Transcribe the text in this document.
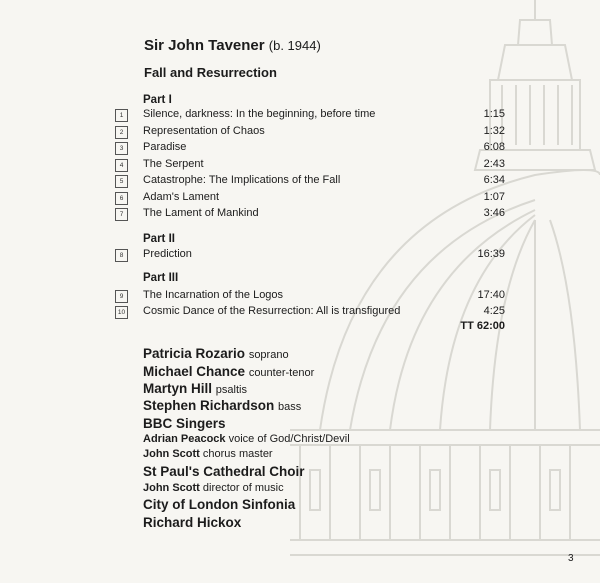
Sir John Tavener (b. 1944)
Fall and Resurrection
Part I
1	Silence, darkness: In the beginning, before time	1:15
2	Representation of Chaos	1:32
3	Paradise	6:08
4	The Serpent	2:43
5	Catastrophe: The Implications of the Fall	6:34
6	Adam's Lament	1:07
7	The Lament of Mankind	3:46
Part II
8	Prediction	16:39
Part III
9	The Incarnation of the Logos	17:40
10 Cosmic Dance of the Resurrection: All is transfigured	4:25
TT 62:00
Patricia Rozario soprano
Michael Chance counter-tenor
Martyn Hill psaltis
Stephen Richardson bass
BBC Singers
Adrian Peacock voice of God/Christ/Devil
John Scott chorus master
St Paul's Cathedral Choir
John Scott director of music
City of London Sinfonia
Richard Hickox
3
